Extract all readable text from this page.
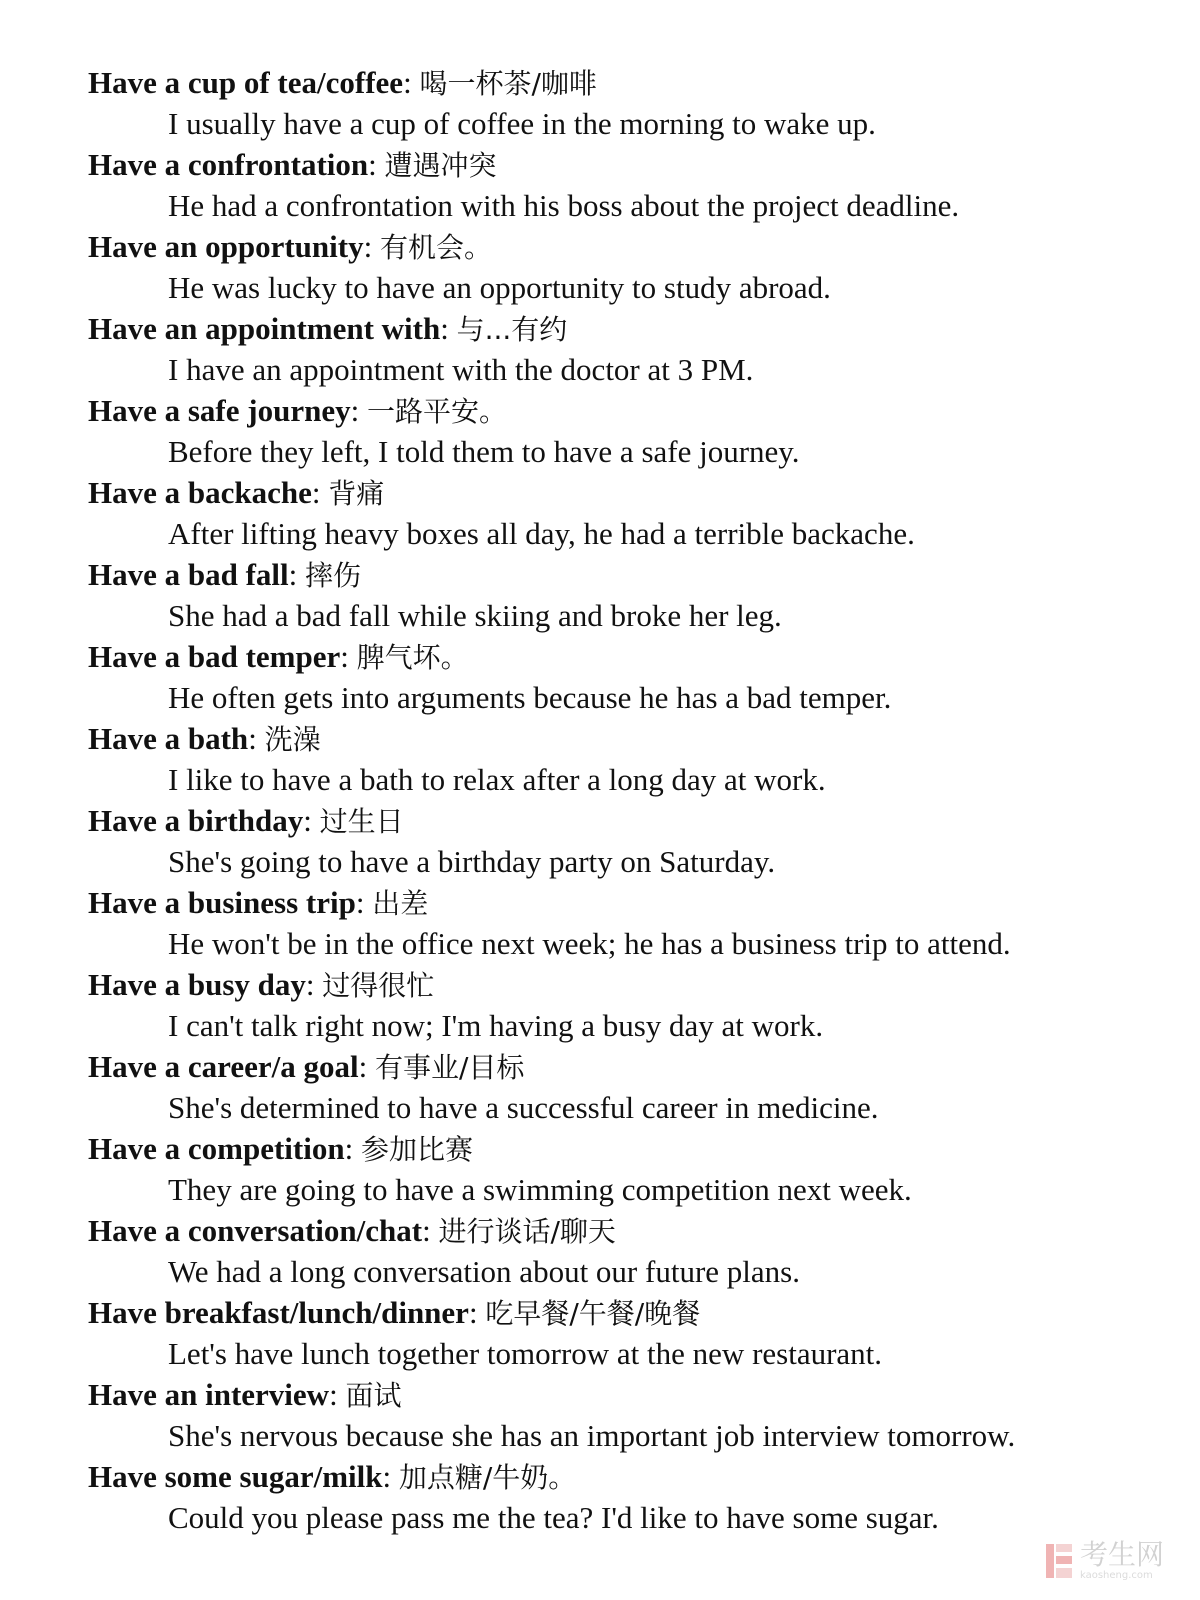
Have a cup of tea/coffee: 喝一杯茶/咖啡
I usually have a cup of coffee in the morning to wake up.
Have a confrontation: 遭遇冲突
He had a confrontation with his boss about the project deadline.
Have an opportunity: 有机会。
He was lucky to have an opportunity to study abroad.
Have an appointment with: 与...有约
I have an appointment with the doctor at 3 PM.
Have a safe journey: 一路平安。
Before they left, I told them to have a safe journey.
Have a backache: 背痛
After lifting heavy boxes all day, he had a terrible backache.
Have a bad fall: 摔伤
She had a bad fall while skiing and broke her leg.
Have a bad temper: 脾气坏。
He often gets into arguments because he has a bad temper.
Have a bath: 洗澡
I like to have a bath to relax after a long day at work.
Have a birthday: 过生日
She's going to have a birthday party on Saturday.
Have a business trip: 出差
He won't be in the office next week; he has a business trip to attend.
Have a busy day: 过得很忙
I can't talk right now; I'm having a busy day at work.
Have a career/a goal: 有事业/目标
She's determined to have a successful career in medicine.
Have a competition: 参加比赛
They are going to have a swimming competition next week.
Have a conversation/chat: 进行谈话/聊天
We had a long conversation about our future plans.
Have breakfast/lunch/dinner: 吃早餐/午餐/晚餐
Let's have lunch together tomorrow at the new restaurant.
Have an interview: 面试
She's nervous because she has an important job interview tomorrow.
Have some sugar/milk: 加点糖/牛奶。
Could you please pass me the tea? I'd like to have some sugar.
考生网
kaosheng.com
